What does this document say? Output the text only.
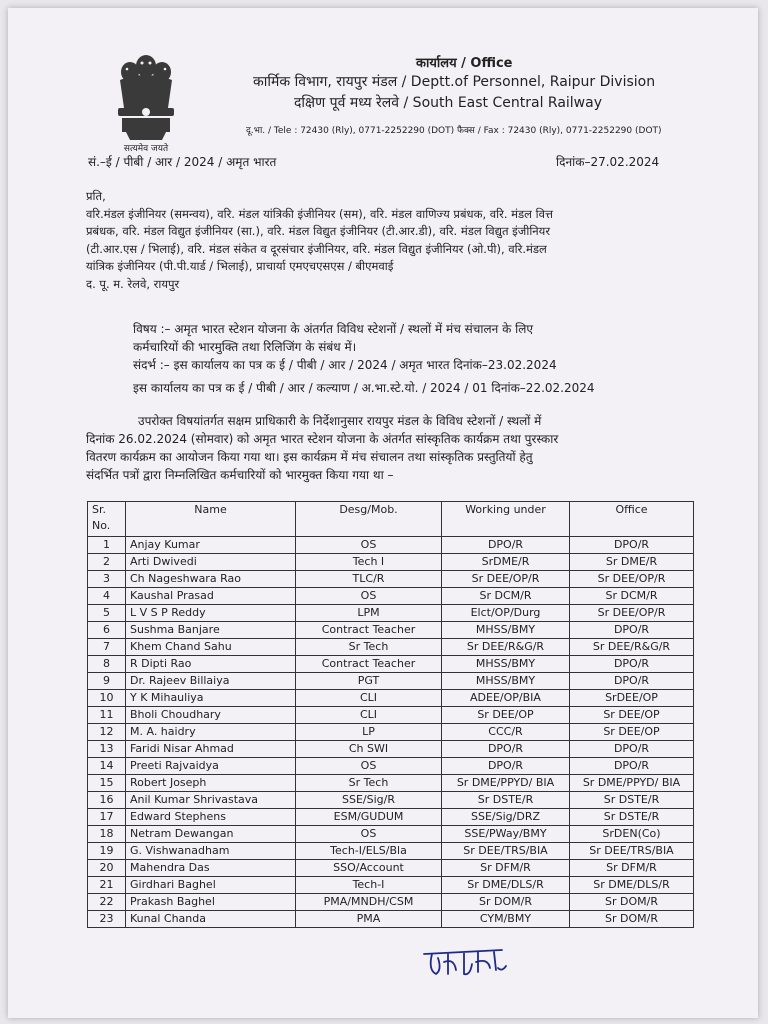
सत्यमेव जयते
कार्यालय / Office
कार्मिक विभाग, रायपुर मंडल / Deptt.of Personnel, Raipur Division
दक्षिण पूर्व मध्य रेलवे / South East Central Railway
दू.भा. / Tele : 72430 (Rly), 0771-2252290 (DOT) फैक्स / Fax : 72430 (Rly), 0771-2252290 (DOT)
सं.–ई / पीबी / आर / 2024 / अमृत भारत	दिनांक–27.02.2024
प्रति,
वरि.मंडल इंजीनियर (समन्वय), वरि. मंडल यांत्रिकी इंजीनियर (सम), वरि. मंडल वाणिज्य प्रबंधक, वरि. मंडल वित्त
प्रबंधक, वरि. मंडल विद्युत इंजीनियर (सा.), वरि. मंडल विद्युत इंजीनियर (टी.आर.डी), वरि. मंडल विद्युत इंजीनियर
(टी.आर.एस / भिलाई), वरि. मंडल संकेत व दूरसंचार इंजीनियर, वरि. मंडल विद्युत इंजीनियर (ओ.पी), वरि.मंडल
यांत्रिक इंजीनियर (पी.पी.यार्ड / भिलाई), प्राचार्या एमएचएसएस / बीएमवाई
द. पू. म. रेलवे, रायपुर
विषय :– अमृत भारत स्टेशन योजना के अंतर्गत विविध स्टेशनों / स्थलों में मंच संचालन के लिए
कर्मचारियों की भारमुक्ति तथा रिलिजिंग के संबंध में।
संदर्भ :– इस कार्यालय का पत्र क ई / पीबी / आर / 2024 / अमृत भारत दिनांक–23.02.2024
इस कार्यालय का पत्र क ई / पीबी / आर / कल्याण / अ.भा.स्टे.यो. / 2024 / 01 दिनांक–22.02.2024
उपरोक्त विषयांतर्गत सक्षम प्राधिकारी के निर्देशानुसार रायपुर मंडल के विविध स्टेशनों / स्थलों में
दिनांक 26.02.2024 (सोमवार) को अमृत भारत स्टेशन योजना के अंतर्गत सांस्कृतिक कार्यक्रम तथा पुरस्कार
वितरण कार्यक्रम का आयोजन किया गया था। इस कार्यक्रम में मंच संचालन तथा सांस्कृतिक प्रस्तुतियों हेतु
संदर्भित पत्रों द्वारा निम्नलिखित कर्मचारियों को भारमुक्त किया गया था –
Sr. No.	Name	Desg/Mob.	Working under	Office
1	Anjay Kumar	OS	DPO/R	DPO/R
2	Arti Dwivedi	Tech I	SrDME/R	Sr DME/R
3	Ch Nageshwara Rao	TLC/R	Sr DEE/OP/R	Sr DEE/OP/R
4	Kaushal Prasad	OS	Sr DCM/R	Sr DCM/R
5	L V S P Reddy	LPM	Elct/OP/Durg	Sr DEE/OP/R
6	Sushma Banjare	Contract Teacher	MHSS/BMY	DPO/R
7	Khem Chand Sahu	Sr Tech	Sr DEE/R&G/R	Sr DEE/R&G/R
8	R Dipti Rao	Contract Teacher	MHSS/BMY	DPO/R
9	Dr. Rajeev Billaiya	PGT	MHSS/BMY	DPO/R
10	Y K Mihauliya	CLI	ADEE/OP/BIA	SrDEE/OP
11	Bholi Choudhary	CLI	Sr DEE/OP	Sr DEE/OP
12	M. A. haidry	LP	CCC/R	Sr DEE/OP
13	Faridi Nisar Ahmad	Ch SWI	DPO/R	DPO/R
14	Preeti Rajvaidya	OS	DPO/R	DPO/R
15	Robert Joseph	Sr Tech	Sr DME/PPYD/ BIA	Sr DME/PPYD/ BIA
16	Anil Kumar Shrivastava	SSE/Sig/R	Sr DSTE/R	Sr DSTE/R
17	Edward Stephens	ESM/GUDUM	SSE/Sig/DRZ	Sr DSTE/R
18	Netram Dewangan	OS	SSE/PWay/BMY	SrDEN(Co)
19	G. Vishwanadham	Tech-I/ELS/Bla	Sr DEE/TRS/BIA	Sr DEE/TRS/BIA
20	Mahendra Das	SSO/Account	Sr DFM/R	Sr DFM/R
21	Girdhari Baghel	Tech-I	Sr DME/DLS/R	Sr DME/DLS/R
22	Prakash Baghel	PMA/MNDH/CSM	Sr DOM/R	Sr DOM/R
23	Kunal Chanda	PMA	CYM/BMY	Sr DOM/R
